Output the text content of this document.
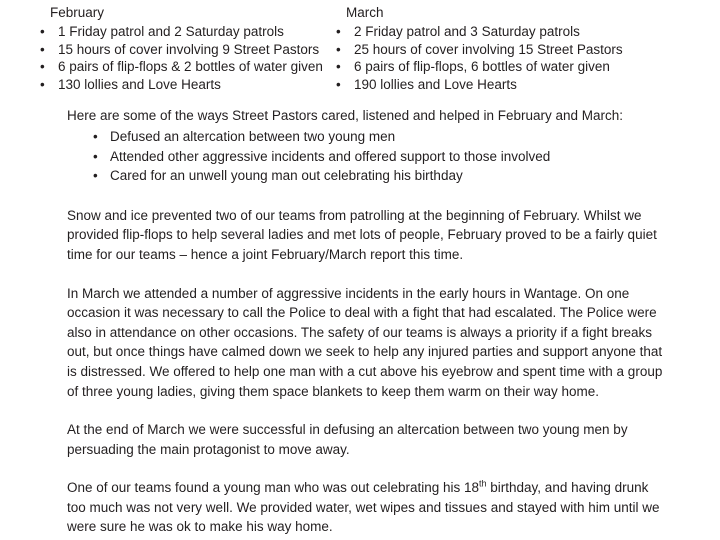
February
• 1 Friday patrol and 2 Saturday patrols
• 15 hours of cover involving 9 Street Pastors
• 6 pairs of flip-flops & 2 bottles of water given
• 130 lollies and Love Hearts
March
• 2 Friday patrol and 3 Saturday patrols
• 25 hours of cover involving 15 Street Pastors
• 6 pairs of flip-flops, 6 bottles of water given
• 190 lollies and Love Hearts

Here are some of the ways Street Pastors cared, listened and helped in February and March:

• Defused an altercation between two young men
• Attended other aggressive incidents and offered support to those involved
• Cared for an unwell young man out celebrating his birthday

Snow and ice prevented two of our teams from patrolling at the beginning of February. Whilst we provided flip-flops to help several ladies and met lots of people, February proved to be a fairly quiet time for our teams – hence a joint February/March report this time.

In March we attended a number of aggressive incidents in the early hours in Wantage. On one occasion it was necessary to call the Police to deal with a fight that had escalated. The Police were also in attendance on other occasions. The safety of our teams is always a priority if a fight breaks out, but once things have calmed down we seek to help any injured parties and support anyone that is distressed. We offered to help one man with a cut above his eyebrow and spent time with a group of three young ladies, giving them space blankets to keep them warm on their way home.

At the end of March we were successful in defusing an altercation between two young men by persuading the main protagonist to move away.

One of our teams found a young man who was out celebrating his 18th birthday, and having drunk too much was not very well. We provided water, wet wipes and tissues and stayed with him until we were sure he was ok to make his way home.
